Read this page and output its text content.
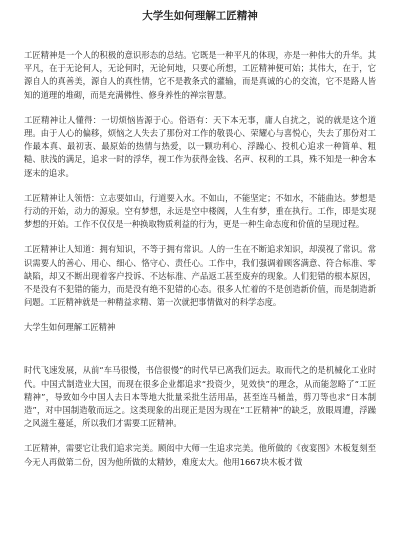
大学生如何理解工匠精神

工匠精神是一个人的积极的意识形态的总结。它既是一种平凡的体现，亦是一种伟大的升华。其平凡，在于无论何人，无论何时，无论何地，只要心所想，工匠精神便可始；其伟大，在于，它源自人的真善美，源自人的真性情，它不是教条式的灌输，而是真诚的心的交流，它不是路人皆知的道理的堆砌，而是充满佛性、修身养性的禅宗智慧。

工匠精神让人懂得：一切烦恼皆源于心。俗语有：天下本无事，庸人自扰之，说的就是这个道理。由于人心的偏移，烦恼之人失去了那份对工作的敬畏心、荣耀心与喜悦心，失去了那份对工作最本真、最初衷、最原始的热情与热爱，以一颗功利心、浮躁心、投机心追求一种简单、粗糙、肤浅的满足，追求一时的浮华，视工作为获得金钱、名声、权利的工具，殊不知是一种舍本逐末的追求。

工匠精神让人领悟：立志要如山，行道要入水。不如山，不能坚定；不如水，不能曲达。梦想是行动的开始，动力的源泉。空有梦想，永远是空中楼阁，人生有梦，重在执行。工作，即是实现梦想的开始。工作不仅仅是一种换取物质利益的行为，更是一种生命态度和价值的呈现过程。

工匠精神让人知道：拥有知识，不等于拥有常识。人的一生在不断追求知识，却漠视了常识。常识需要人的善心、用心、细心、恪守心、责任心。工作中，我们强调着顾客满意、符合标准、零缺陷，却又不断出现着客户投诉、不达标准、产品返工甚至废弃的现象。人们犯错的根本原因，不是没有不犯错的能力，而是没有绝不犯错的心态。很多人忙着的不是创造新价值，而是制造新问题。工匠精神就是一种精益求精、第一次就把事情做对的科学态度。

大学生如何理解工匠精神

时代飞速发展，从前“车马很慢，书信很慢”的时代早已离我们远去。取而代之的是机械化工业时代。中国式制造业大国，而现在很多企业都追求“投资少，见效快”的理念，从而能忽略了“工匠精神”，导致如今中国人去日本等地大批量采批生活用品，甚至连马桶盖，剪刀等也求“日本制造”，对中国制造敬而远之。这类现象的出现正是因为现在“工匠精神”的缺乏，放眼周遭，浮躁之风滋生蔓延，所以我们才需要工匠精神。

工匠精神，需要它让我们追求完美。顾闳中大师一生追求完美。他所做的《夜宴图》木板复刻至今无人再做第二份，因为他所做的太精妙，难度太大。他用1667块木板才做
